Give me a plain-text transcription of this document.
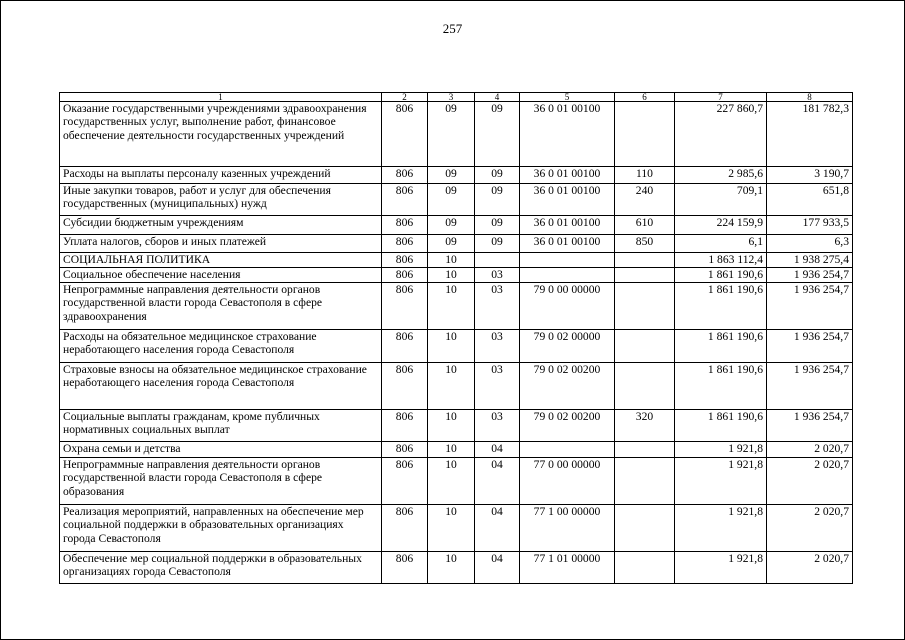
257
1	2	3	4	5	6	7	8
Оказание государственными учреждениями здравоохранения государственных услуг, выполнение работ, финансовое обеспечение деятельности государственных учреждений	806	09	09	36 0 01 00100		227 860,7	181 782,3
Расходы на выплаты персоналу казенных учреждений	806	09	09	36 0 01 00100	110	2 985,6	3 190,7
Иные закупки товаров, работ и услуг для обеспечения государственных (муниципальных) нужд	806	09	09	36 0 01 00100	240	709,1	651,8
Субсидии бюджетным учреждениям	806	09	09	36 0 01 00100	610	224 159,9	177 933,5
Уплата налогов, сборов и иных платежей	806	09	09	36 0 01 00100	850	6,1	6,3
СОЦИАЛЬНАЯ ПОЛИТИКА	806	10				1 863 112,4	1 938 275,4
Социальное обеспечение населения	806	10	03			1 861 190,6	1 936 254,7
Непрограммные направления деятельности органов государственной власти города Севастополя в сфере здравоохранения	806	10	03	79 0 00 00000		1 861 190,6	1 936 254,7
Расходы на обязательное медицинское страхование неработающего населения города Севастополя	806	10	03	79 0 02 00000		1 861 190,6	1 936 254,7
Страховые взносы на обязательное медицинское страхование неработающего населения города Севастополя	806	10	03	79 0 02 00200		1 861 190,6	1 936 254,7
Социальные выплаты гражданам, кроме публичных нормативных социальных выплат	806	10	03	79 0 02 00200	320	1 861 190,6	1 936 254,7
Охрана семьи и детства	806	10	04			1 921,8	2 020,7
Непрограммные направления деятельности органов государственной власти города Севастополя в сфере образования	806	10	04	77 0 00 00000		1 921,8	2 020,7
Реализация мероприятий, направленных на обеспечение мер социальной поддержки в образовательных организациях города Севастополя	806	10	04	77 1 00 00000		1 921,8	2 020,7
Обеспечение мер социальной поддержки в образовательных организациях города Севастополя	806	10	04	77 1 01 00000		1 921,8	2 020,7
